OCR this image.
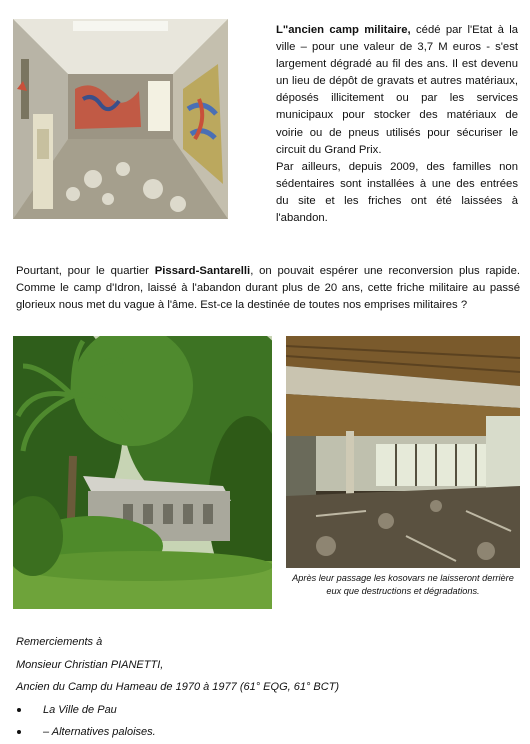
L"ancien camp militaire, cédé par l'Etat à la ville – pour une valeur de 3,7 M euros - s'est largement dégradé au fil des ans. Il est devenu un lieu de dépôt de gravats et autres matériaux, déposés illicitement ou par les services municipaux pour stocker des matériaux de voirie ou de pneus utilisés pour sécuriser le circuit du Grand Prix.

Par ailleurs, depuis 2009, des familles non sédentaires sont installées à une des entrées du site et les friches ont été laissées à l'abandon.

Pourtant, pour le quartier Pissard-Santarelli, on pouvait espérer une reconversion plus rapide. Comme le camp d'Idron, laissé à l'abandon durant plus de 20 ans, cette friche militaire au passé glorieux nous met du vague à l'âme. Est-ce la destinée de toutes nos emprises militaires ?

Après leur passage les kosovars ne laisseront derrière eux que destructions et dégradations.

Remerciements à
Monsieur Christian PIANETTI,
Ancien du Camp du Hameau de 1970 à 1977 (61° EQG, 61° BCT)
La Ville de Pau
– Alternatives paloises.
